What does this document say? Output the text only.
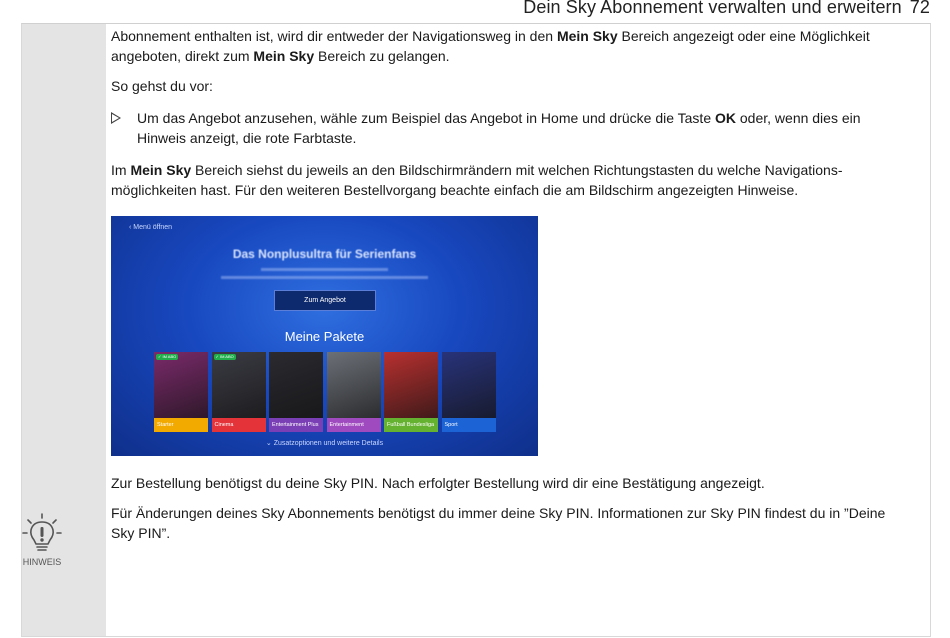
Dein Sky Abonnement verwalten und erweitern 72

Abonnement enthalten ist, wird dir entweder der Navigationsweg in den Mein Sky Bereich angezeigt oder eine Möglichkeit angeboten, direkt zum Mein Sky Bereich zu gelangen.

So gehst du vor:

Um das Angebot anzusehen, wähle zum Beispiel das Angebot in Home und drücke die Taste OK oder, wenn dies ein Hinweis anzeigt, die rote Farbtaste.

Im Mein Sky Bereich siehst du jeweils an den Bildschirmrändern mit welchen Richtungstasten du welche Navigations-möglichkeiten hast. Für den weiteren Bestellvorgang beachte einfach die am Bildschirm angezeigten Hinweise.

‹ Menü öffnen
Das Nonplusultra für Serienfans
Zum Angebot
Meine Pakete
✓ IM ABO
Starter
✓ IM ABO
Cinema	Entertainment Plus	Entertainment	Fußball Bundesliga	Sport
⌄ Zusatzoptionen und weitere Details

Zur Bestellung benötigst du deine Sky PIN. Nach erfolgter Bestellung wird dir eine Bestätigung angezeigt.

Für Änderungen deines Sky Abonnements benötigst du immer deine Sky PIN. Informationen zur Sky PIN findest du in ”Deine Sky PIN”.

HINWEIS
